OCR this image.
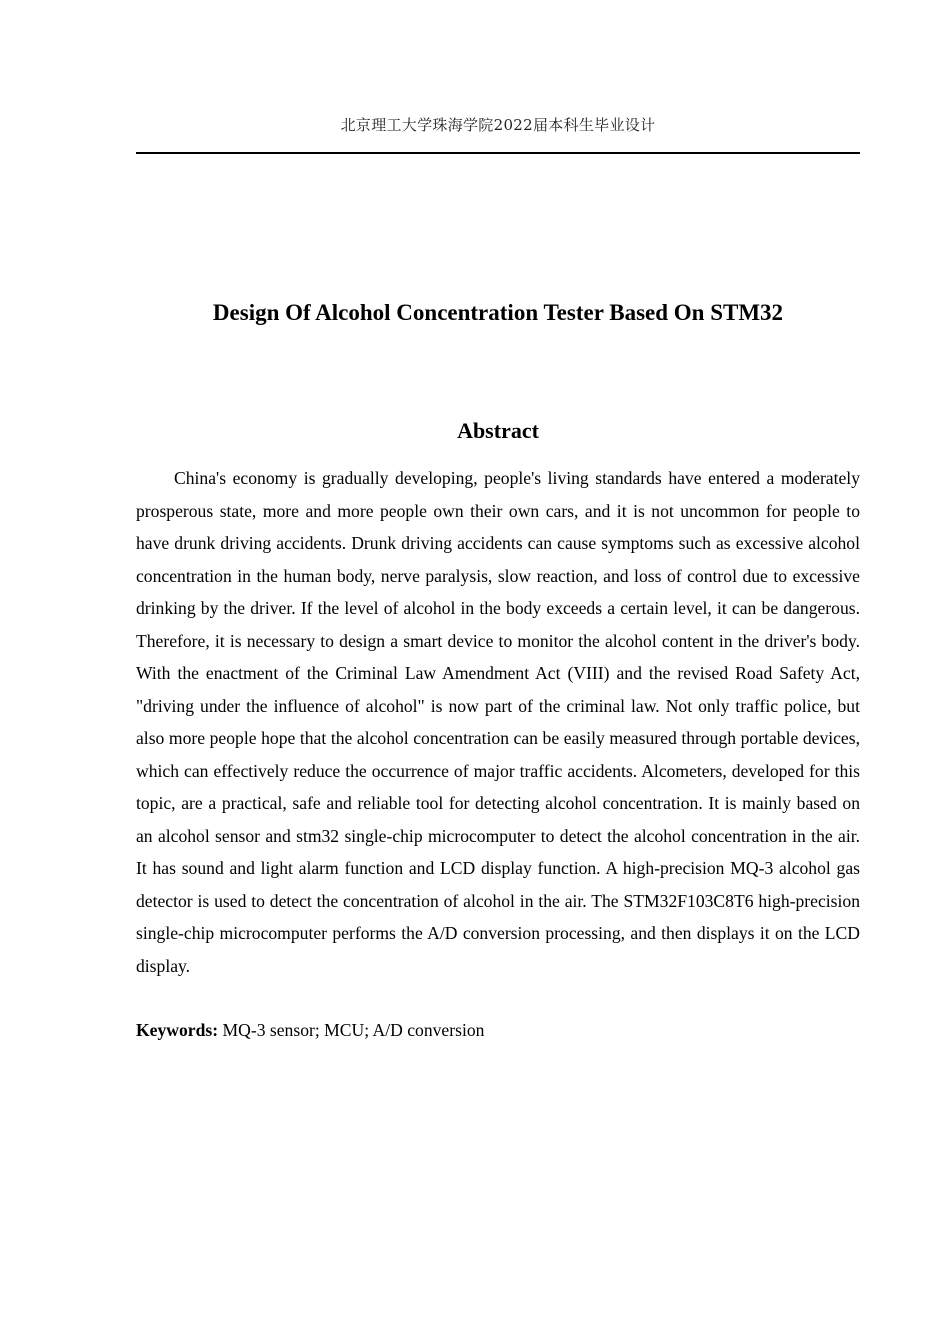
北京理工大学珠海学院2022届本科生毕业设计
Design Of Alcohol Concentration Tester Based On STM32
Abstract

China's economy is gradually developing, people's living standards have entered a moderately prosperous state, more and more people own their own cars, and it is not uncommon for people to have drunk driving accidents. Drunk driving accidents can cause symptoms such as excessive alcohol concentration in the human body, nerve paralysis, slow reaction, and loss of control due to excessive drinking by the driver. If the level of alcohol in the body exceeds a certain level, it can be dangerous. Therefore, it is necessary to design a smart device to monitor the alcohol content in the driver's body. With the enactment of the Criminal Law Amendment Act (VIII) and the revised Road Safety Act, "driving under the influence of alcohol" is now part of the criminal law. Not only traffic police, but also more people hope that the alcohol concentration can be easily measured through portable devices, which can effectively reduce the occurrence of major traffic accidents. Alcometers, developed for this topic, are a practical, safe and reliable tool for detecting alcohol concentration. It is mainly based on an alcohol sensor and stm32 single-chip microcomputer to detect the alcohol concentration in the air. It has sound and light alarm function and LCD display function. A high-precision MQ-3 alcohol gas detector is used to detect the concentration of alcohol in the air. The STM32F103C8T6 high-precision single-chip microcomputer performs the A/D conversion processing, and then displays it on the LCD display.

Keywords: MQ-3 sensor; MCU; A/D conversion
